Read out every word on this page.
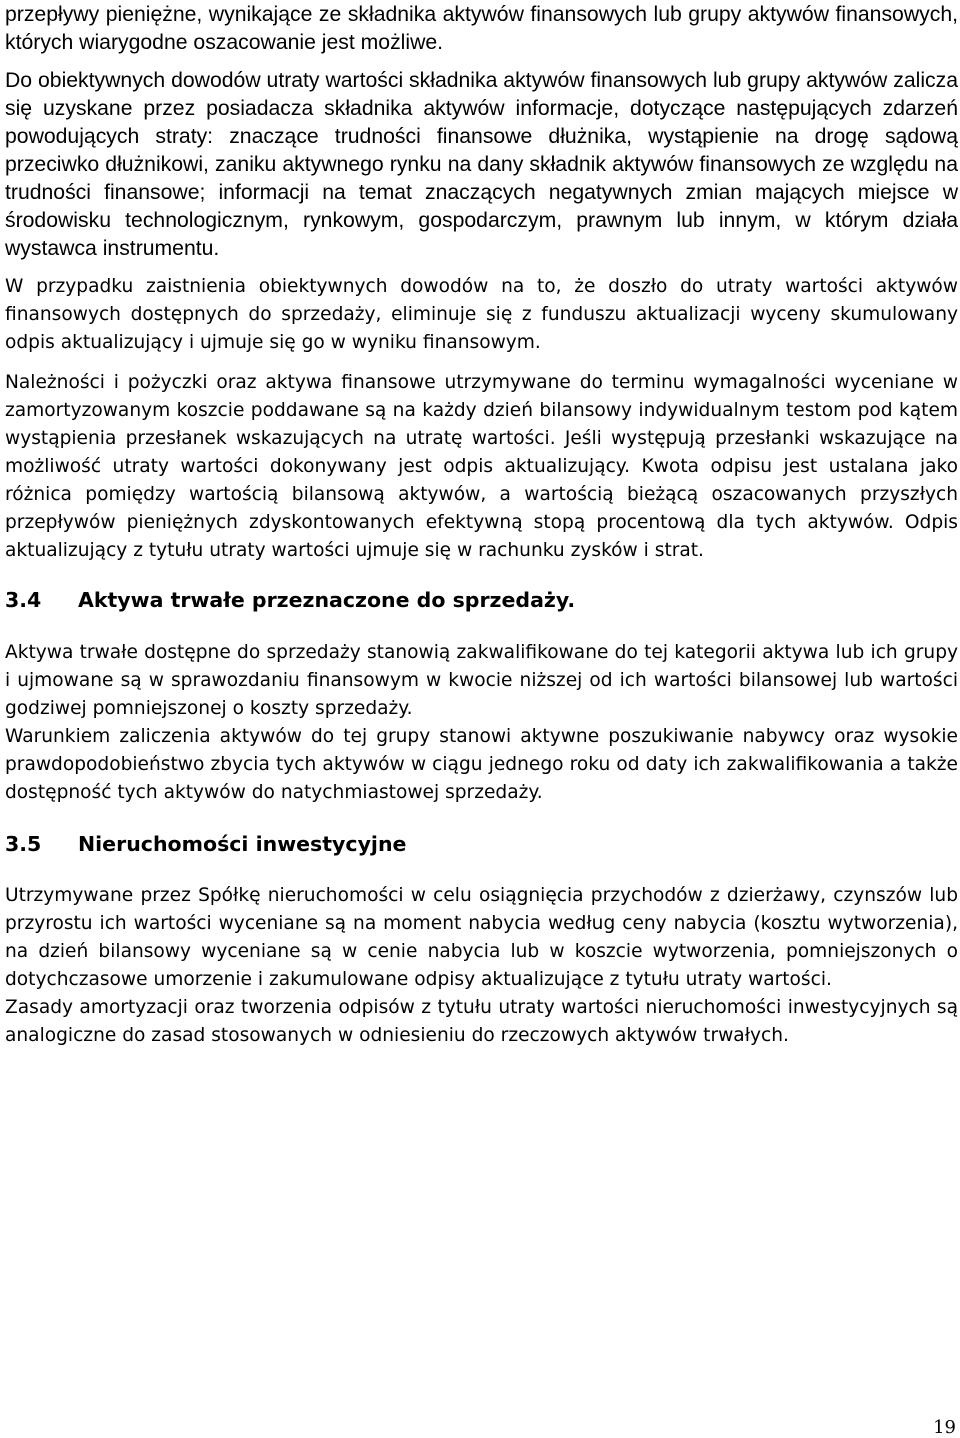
przepływy pieniężne, wynikające ze składnika aktywów finansowych lub grupy aktywów finansowych, których wiarygodne oszacowanie jest możliwe.

Do obiektywnych dowodów utraty wartości składnika aktywów finansowych lub grupy aktywów zalicza się uzyskane przez posiadacza składnika aktywów informacje, dotyczące następujących zdarzeń powodujących straty: znaczące trudności finansowe dłużnika, wystąpienie na drogę sądową przeciwko dłużnikowi, zaniku aktywnego rynku na dany składnik aktywów finansowych ze względu na trudności finansowe; informacji na temat znaczących negatywnych zmian mających miejsce w środowisku technologicznym, rynkowym, gospodarczym, prawnym lub innym, w którym działa wystawca instrumentu.

W przypadku zaistnienia obiektywnych dowodów na to, że doszło do utraty wartości aktywów finansowych dostępnych do sprzedaży, eliminuje się z funduszu aktualizacji wyceny skumulowany odpis aktualizujący i ujmuje się go w wyniku finansowym.

Należności i pożyczki oraz aktywa finansowe utrzymywane do terminu wymagalności wyceniane w zamortyzowanym koszcie poddawane są na każdy dzień bilansowy indywidualnym testom pod kątem wystąpienia przesłanek wskazujących na utratę wartości. Jeśli występują przesłanki wskazujące na możliwość utraty wartości dokonywany jest odpis aktualizujący. Kwota odpisu jest ustalana jako różnica pomiędzy wartością bilansową aktywów, a wartością bieżącą oszacowanych przyszłych przepływów pieniężnych zdyskontowanych efektywną stopą procentową dla tych aktywów. Odpis aktualizujący z tytułu utraty wartości ujmuje się w rachunku zysków i strat.

3.4	Aktywa trwałe przeznaczone do sprzedaży.

Aktywa trwałe dostępne do sprzedaży stanowią zakwalifikowane do tej kategorii aktywa lub ich grupy i ujmowane są w sprawozdaniu finansowym w kwocie niższej od ich wartości bilansowej lub wartości godziwej pomniejszonej o koszty sprzedaży.

Warunkiem zaliczenia aktywów do tej grupy stanowi aktywne poszukiwanie nabywcy oraz wysokie prawdopodobieństwo zbycia tych aktywów w ciągu jednego roku od daty ich zakwalifikowania a także dostępność tych aktywów do natychmiastowej sprzedaży.

3.5	Nieruchomości inwestycyjne

Utrzymywane przez Spółkę nieruchomości w celu osiągnięcia przychodów z dzierżawy, czynszów lub przyrostu ich wartości wyceniane są na moment nabycia według ceny nabycia (kosztu wytworzenia), na dzień bilansowy wyceniane są w cenie nabycia lub w koszcie wytworzenia, pomniejszonych o dotychczasowe umorzenie i zakumulowane odpisy aktualizujące z tytułu utraty wartości.

Zasady amortyzacji oraz tworzenia odpisów z tytułu utraty wartości nieruchomości inwestycyjnych są analogiczne do zasad stosowanych w odniesieniu do rzeczowych aktywów trwałych.

19
